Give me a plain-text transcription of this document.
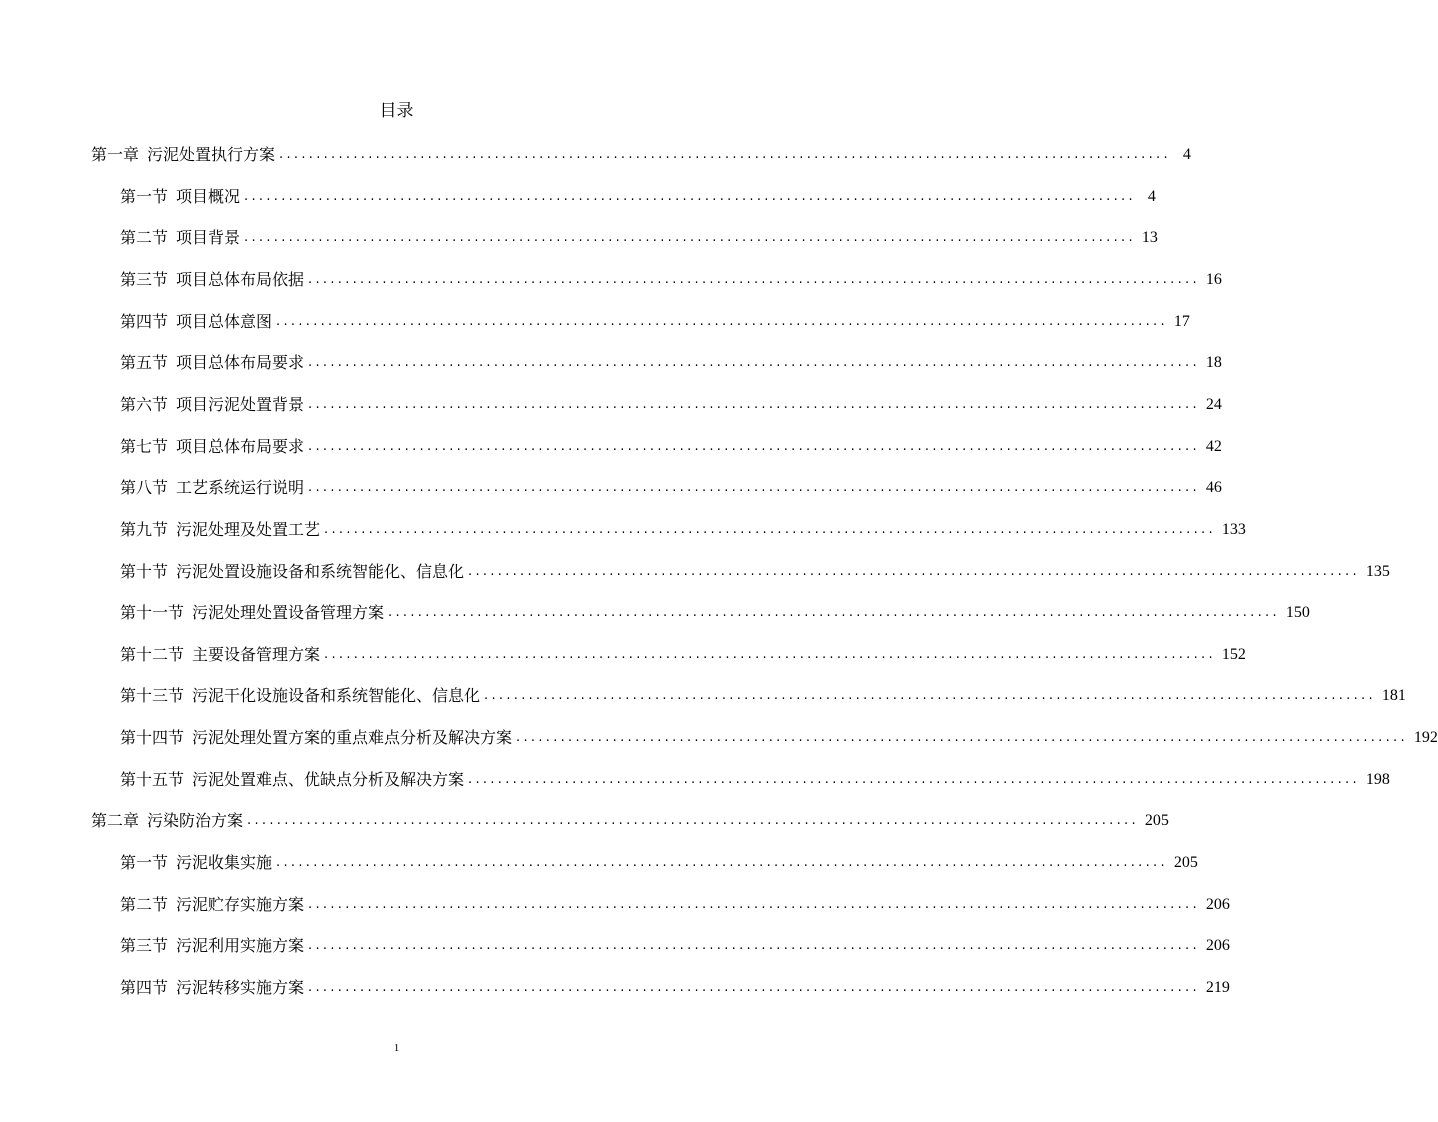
目录
第一章 污泥处置执行方案 ........................................................................................................................ 4
第一节 项目概况 ........................................................................................................................ 4
第二节 项目背景 ........................................................................................................................ 13
第三节 项目总体布局依据 ........................................................................................................................ 16
第四节 项目总体意图 ........................................................................................................................ 17
第五节 项目总体布局要求 ........................................................................................................................ 18
第六节 项目污泥处置背景 ........................................................................................................................ 24
第七节 项目总体布局要求 ........................................................................................................................ 42
第八节 工艺系统运行说明 ........................................................................................................................ 46
第九节 污泥处理及处置工艺 ........................................................................................................................ 133
第十节 污泥处置设施设备和系统智能化、信息化 ........................................................................................................................ 135
第十一节 污泥处理处置设备管理方案 ........................................................................................................................ 150
第十二节 主要设备管理方案 ........................................................................................................................ 152
第十三节 污泥干化设施设备和系统智能化、信息化 ........................................................................................................................ 181
第十四节 污泥处理处置方案的重点难点分析及解决方案 ........................................................................................................................ 192
第十五节 污泥处置难点、优缺点分析及解决方案 ........................................................................................................................ 198
第二章 污染防治方案 ........................................................................................................................ 205
第一节 污泥收集实施 ........................................................................................................................ 205
第二节 污泥贮存实施方案 ........................................................................................................................ 206
第三节 污泥利用实施方案 ........................................................................................................................ 206
第四节 污泥转移实施方案 ........................................................................................................................ 219
1
